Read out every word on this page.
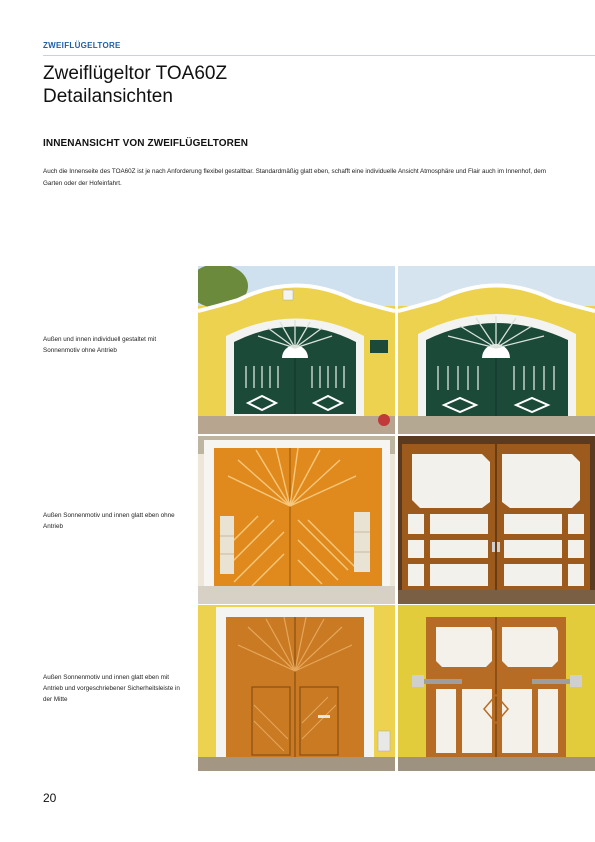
ZWEIFLÜGELTORE
Zweiflügeltor TOA60Z
Detailansichten
INNENANSICHT VON ZWEIFLÜGELTOREN

Auch die Innenseite des TOA60Z ist je nach Anforderung flexibel gestaltbar. Standardmäßig glatt eben, schafft eine individuelle Ansicht Atmosphäre und Flair auch im Innenhof, dem Garten oder der Hofeinfahrt.

Außen und innen individuell gestaltet mit Sonnenmotiv ohne Antrieb

Außen Sonnenmotiv und innen glatt eben ohne Antrieb

Außen Sonnenmotiv und innen glatt eben mit Antrieb und vorgeschriebener Sicherheitsleiste in der Mitte

20
